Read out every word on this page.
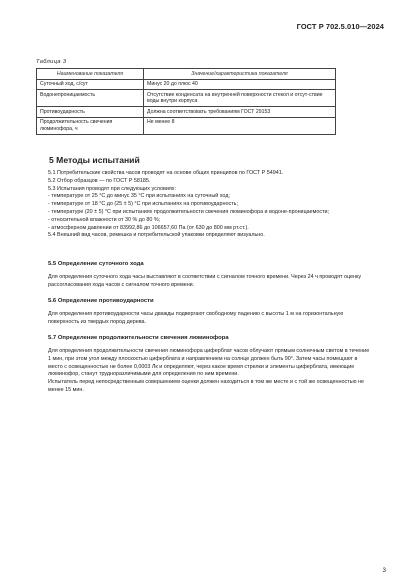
ГОСТ Р 702.5.010—2024
Таблица 3
Наименование показателя	Значение/характеристика показателя
Суточный ход, с/сут	Минус 20 до плюс 40
Водонепроницаемость	Отсутствие конденсата на внутренней поверхности стекол и отсут-ствие воды внутри корпуса
Противоударность	Должна соответствовать требованиям ГОСТ 29153
Продолжительность свечения люминофора, ч	Не менее 8
5 Методы испытаний
5.1 Потребительские свойства часов проводят на основе общих принципов по ГОСТ Р 54941.
5.2 Отбор образцов — по ГОСТ Р 58185.
5.3 Испытания проводят при следующих условиях:
- температуре от 25 °С до минус 35 °С при испытаниях на суточный ход;
- температуре от 18 °С до (25 ± 5) °С при испытаниях на противоударность;
- температуре (20 ± 5) °С при испытаниях продолжительности свечения люминофора и водоне-проницаемости;
- относительной влажности от 30 % до 80 %;
- атмосферном давлении от 83992,86 до 106657,60 Па (от 630 до 800 мм рт.ст.).
5.4 Внешний вид часов, ремешка и потребительской упаковки определяют визуально.
5.5 Определение суточного хода
Для определения суточного хода часы выставляют в соответствии с сигналом точного времени. Через 24 ч проводят оценку рассогласования хода часов с сигналом точного времени.
5.6 Определение противоударности
Для определения противоударности часы дважды подвергают свободному падению с высоты 1 м на горизонтальную поверхность из твердых пород дерева.
5.7 Определение продолжительности свечения люминофора
Для определения продолжительности свечения люминофора циферблат часов облучают прямым солнечным светом в течение 1 мин, при этом угол между плоскостью циферблата и направлением на солнце должен быть 90°. Затем часы помещают в место с освещенностью не более 0,0003 Лк и определяют, через какое время стрелки и элементы циферблата, имеющие люминофор, станут трудноразличимыми для определения по ним времени.
Испытатель перед непосредственным совершением оценки должен находиться в том же месте и с той же освещенностью не менее 15 мин.
3
